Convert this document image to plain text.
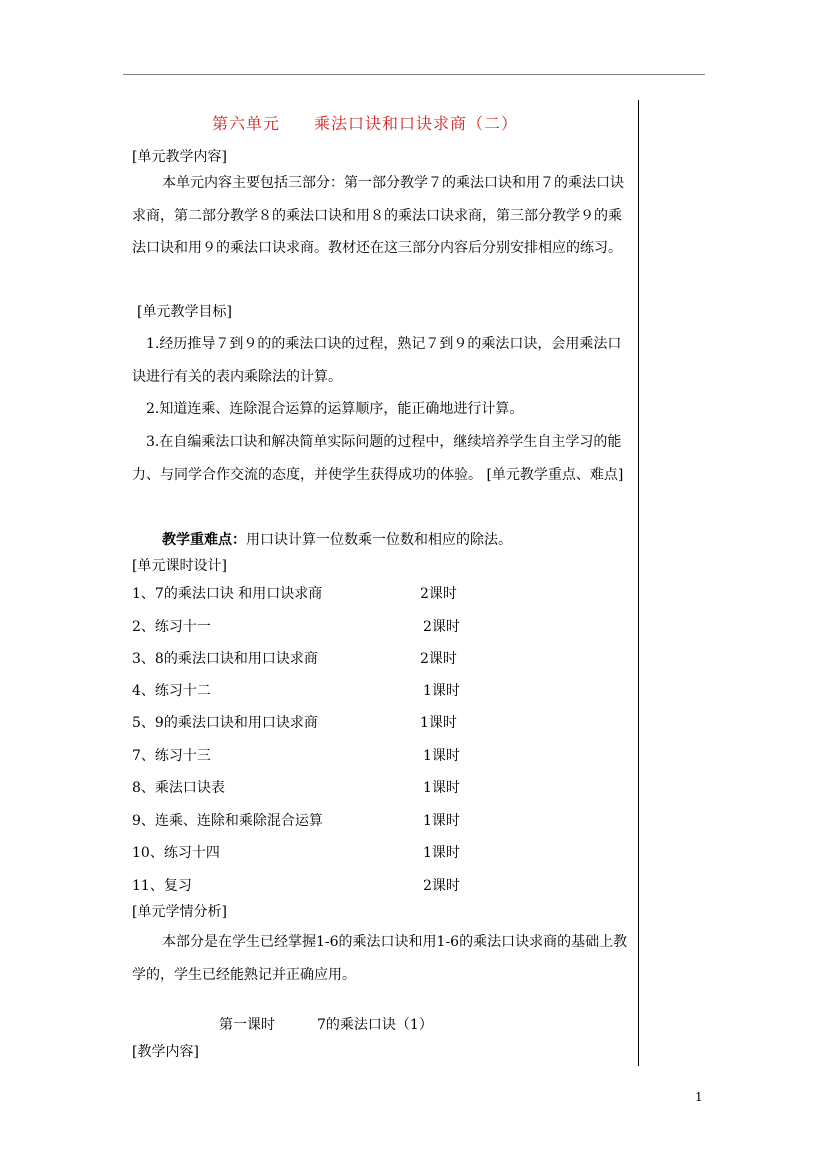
第六单元 乘法口诀和口诀求商（二）
[单元教学内容]
本单元内容主要包括三部分：第一部分教学７的乘法口诀和用７的乘法口诀求商，第二部分教学８的乘法口诀和用８的乘法口诀求商，第三部分教学９的乘法口诀和用９的乘法口诀求商。教材还在这三部分内容后分别安排相应的练习。
[单元教学目标]
1.经历推导７到９的的乘法口诀的过程，熟记７到９的乘法口诀，会用乘法口诀进行有关的表内乘除法的计算。
2.知道连乘、连除混合运算的运算顺序，能正确地进行计算。
3.在自编乘法口诀和解决简单实际问题的过程中，继续培养学生自主学习的能力、与同学合作交流的态度，并使学生获得成功的体验。 [单元教学重点、难点]
教学重难点：用口诀计算一位数乘一位数和相应的除法。
[单元课时设计]
1、7的乘法口诀 和用口诀求商	2课时
2、练习十一	2课时
3、8的乘法口诀和用口诀求商	2课时
4、练习十二	1课时
5、9的乘法口诀和用口诀求商	1课时
7、练习十三	1课时
8、乘法口诀表	1课时
9、连乘、连除和乘除混合运算	1课时
10、练习十四	1课时
11、复习	2课时
[单元学情分析]
本部分是在学生已经掌握1-6的乘法口诀和用1-6的乘法口诀求商的基础上教学的，学生已经能熟记并正确应用。
第一课时	7的乘法口诀（1）
[教学内容]
1
